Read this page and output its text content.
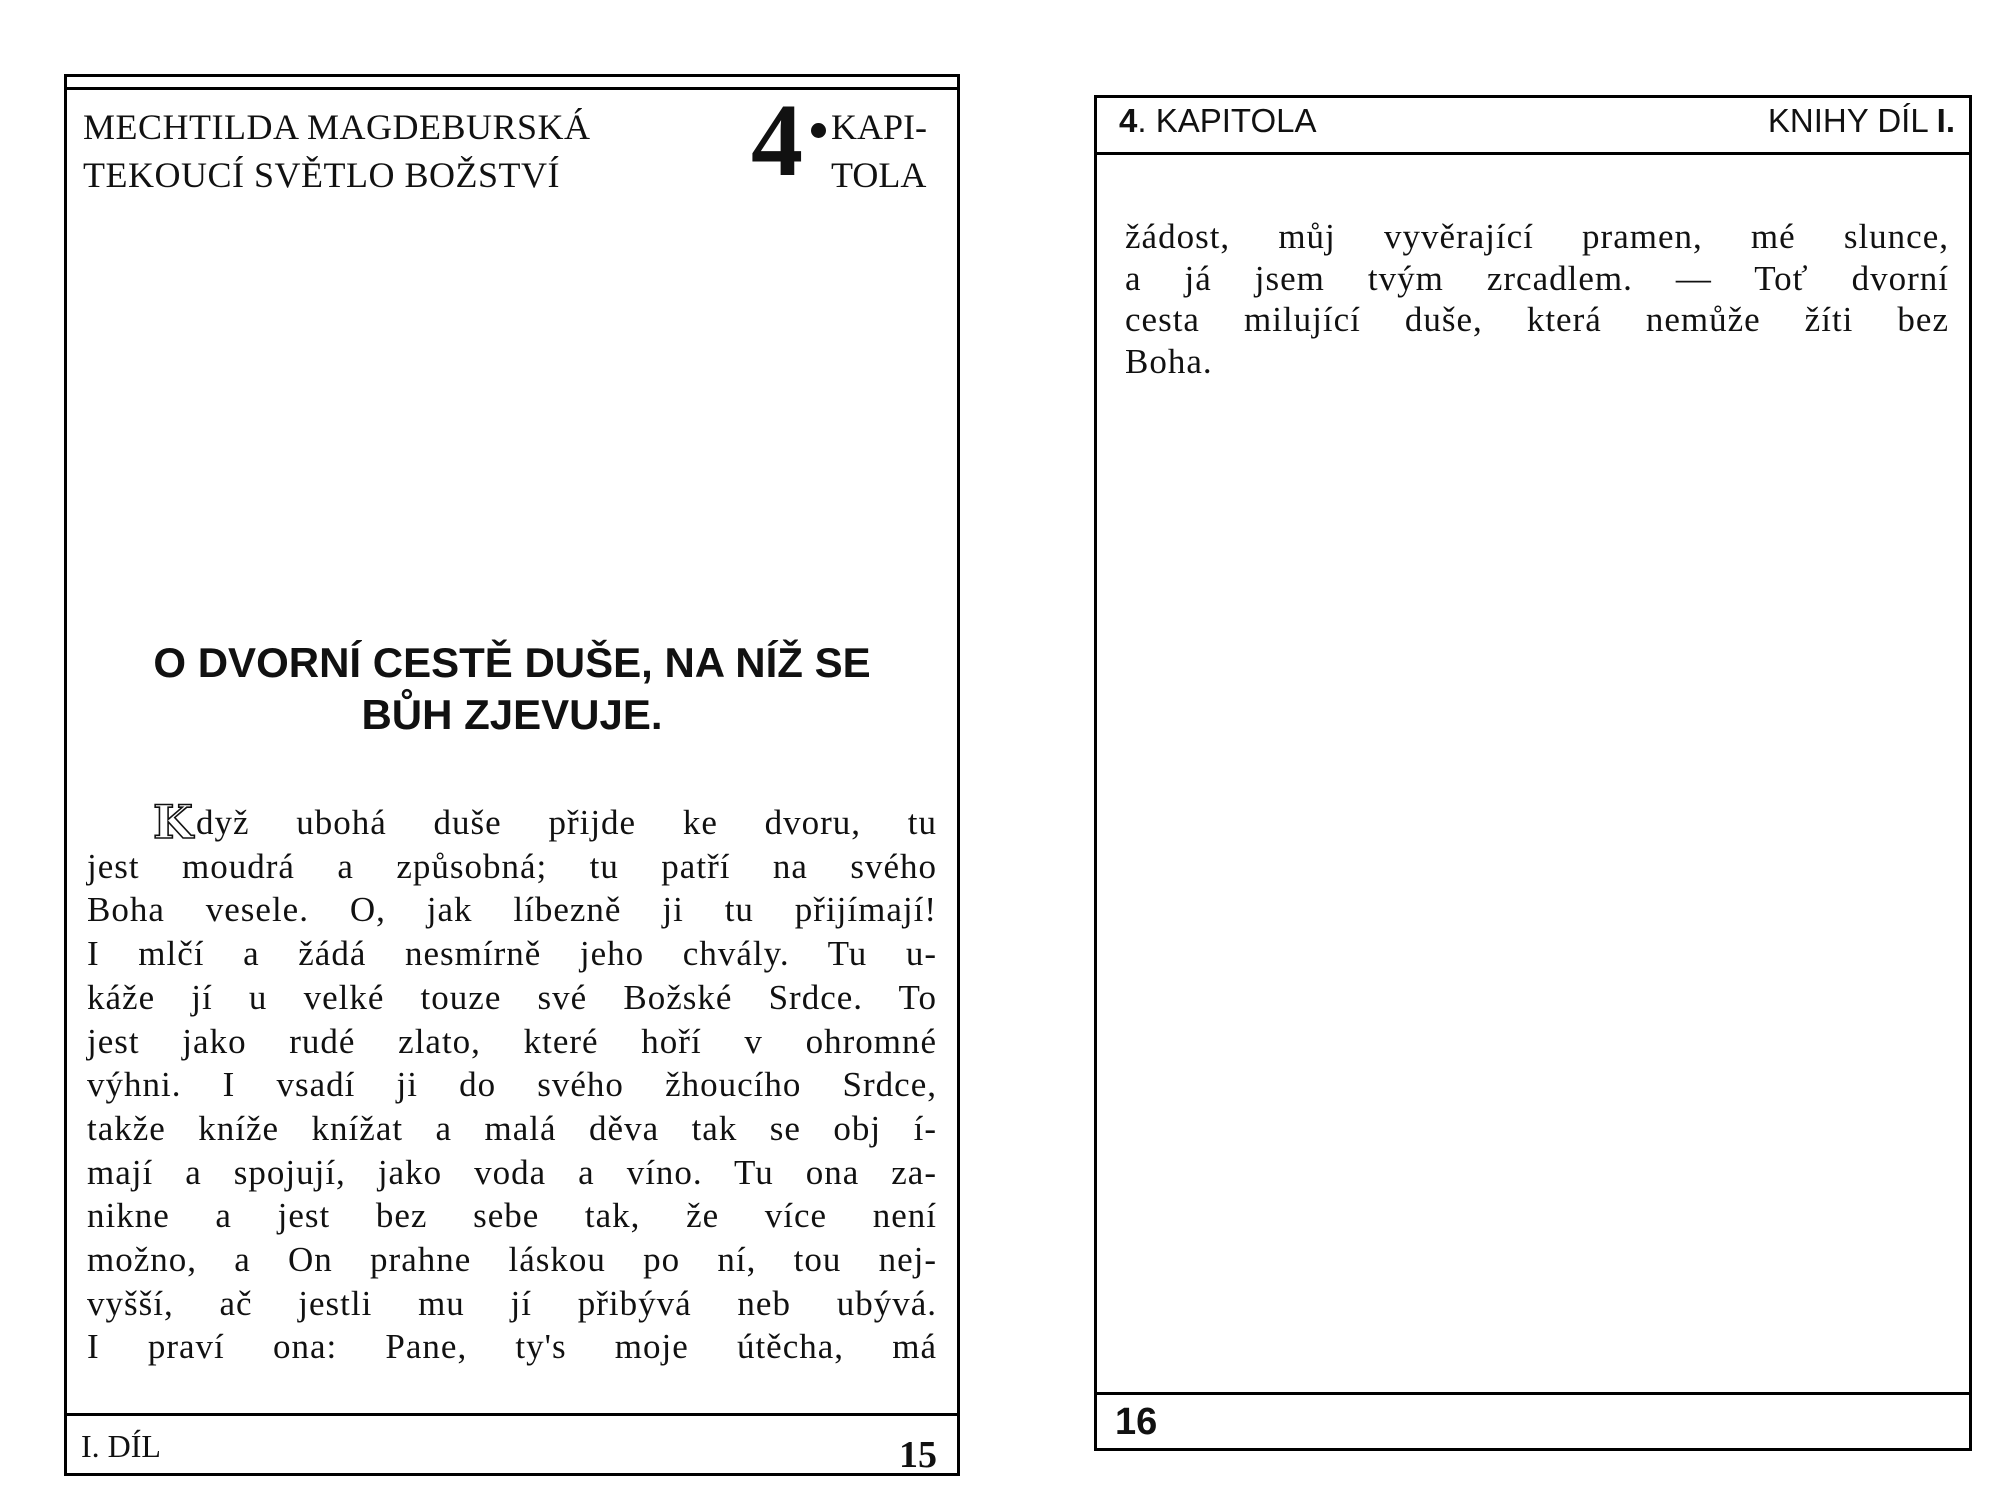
MECHTILDA MAGDEBURSKÁ
TEKOUCÍ SVĚTLO BOŽSTVÍ 4 KAPI-
TOLA
O DVORNÍ CESTĚ DUŠE, NA NÍŽ SE
BŮH ZJEVUJE.
Když ubohá duše přijde ke dvoru, tu
jest moudrá a způsobná; tu patří na svého
Boha vesele. O, jak líbezně ji tu přijímají!
I mlčí a žádá nesmírně jeho chvály. Tu u-
káže jí u velké touze své Božské Srdce. To
jest jako rudé zlato, které hoří v ohromné
výhni. I vsadí ji do svého žhoucího Srdce,
takže kníže knížat a malá děva tak se obj í-
mají a spojují, jako voda a víno. Tu ona za-
nikne a jest bez sebe tak, že více není
možno, a On prahne láskou po ní, tou nej-
vyšší, ač jestli mu jí přibývá neb ubývá.
I praví ona: Pane, ty's moje útěcha, má
I. DÍL	15
4. KAPITOLA	KNIHY DÍL I.
žádost, můj vyvěrající pramen, mé slunce,
a já jsem tvým zrcadlem. — Toť dvorní
cesta milující duše, která nemůže žíti bez
Boha.
16
